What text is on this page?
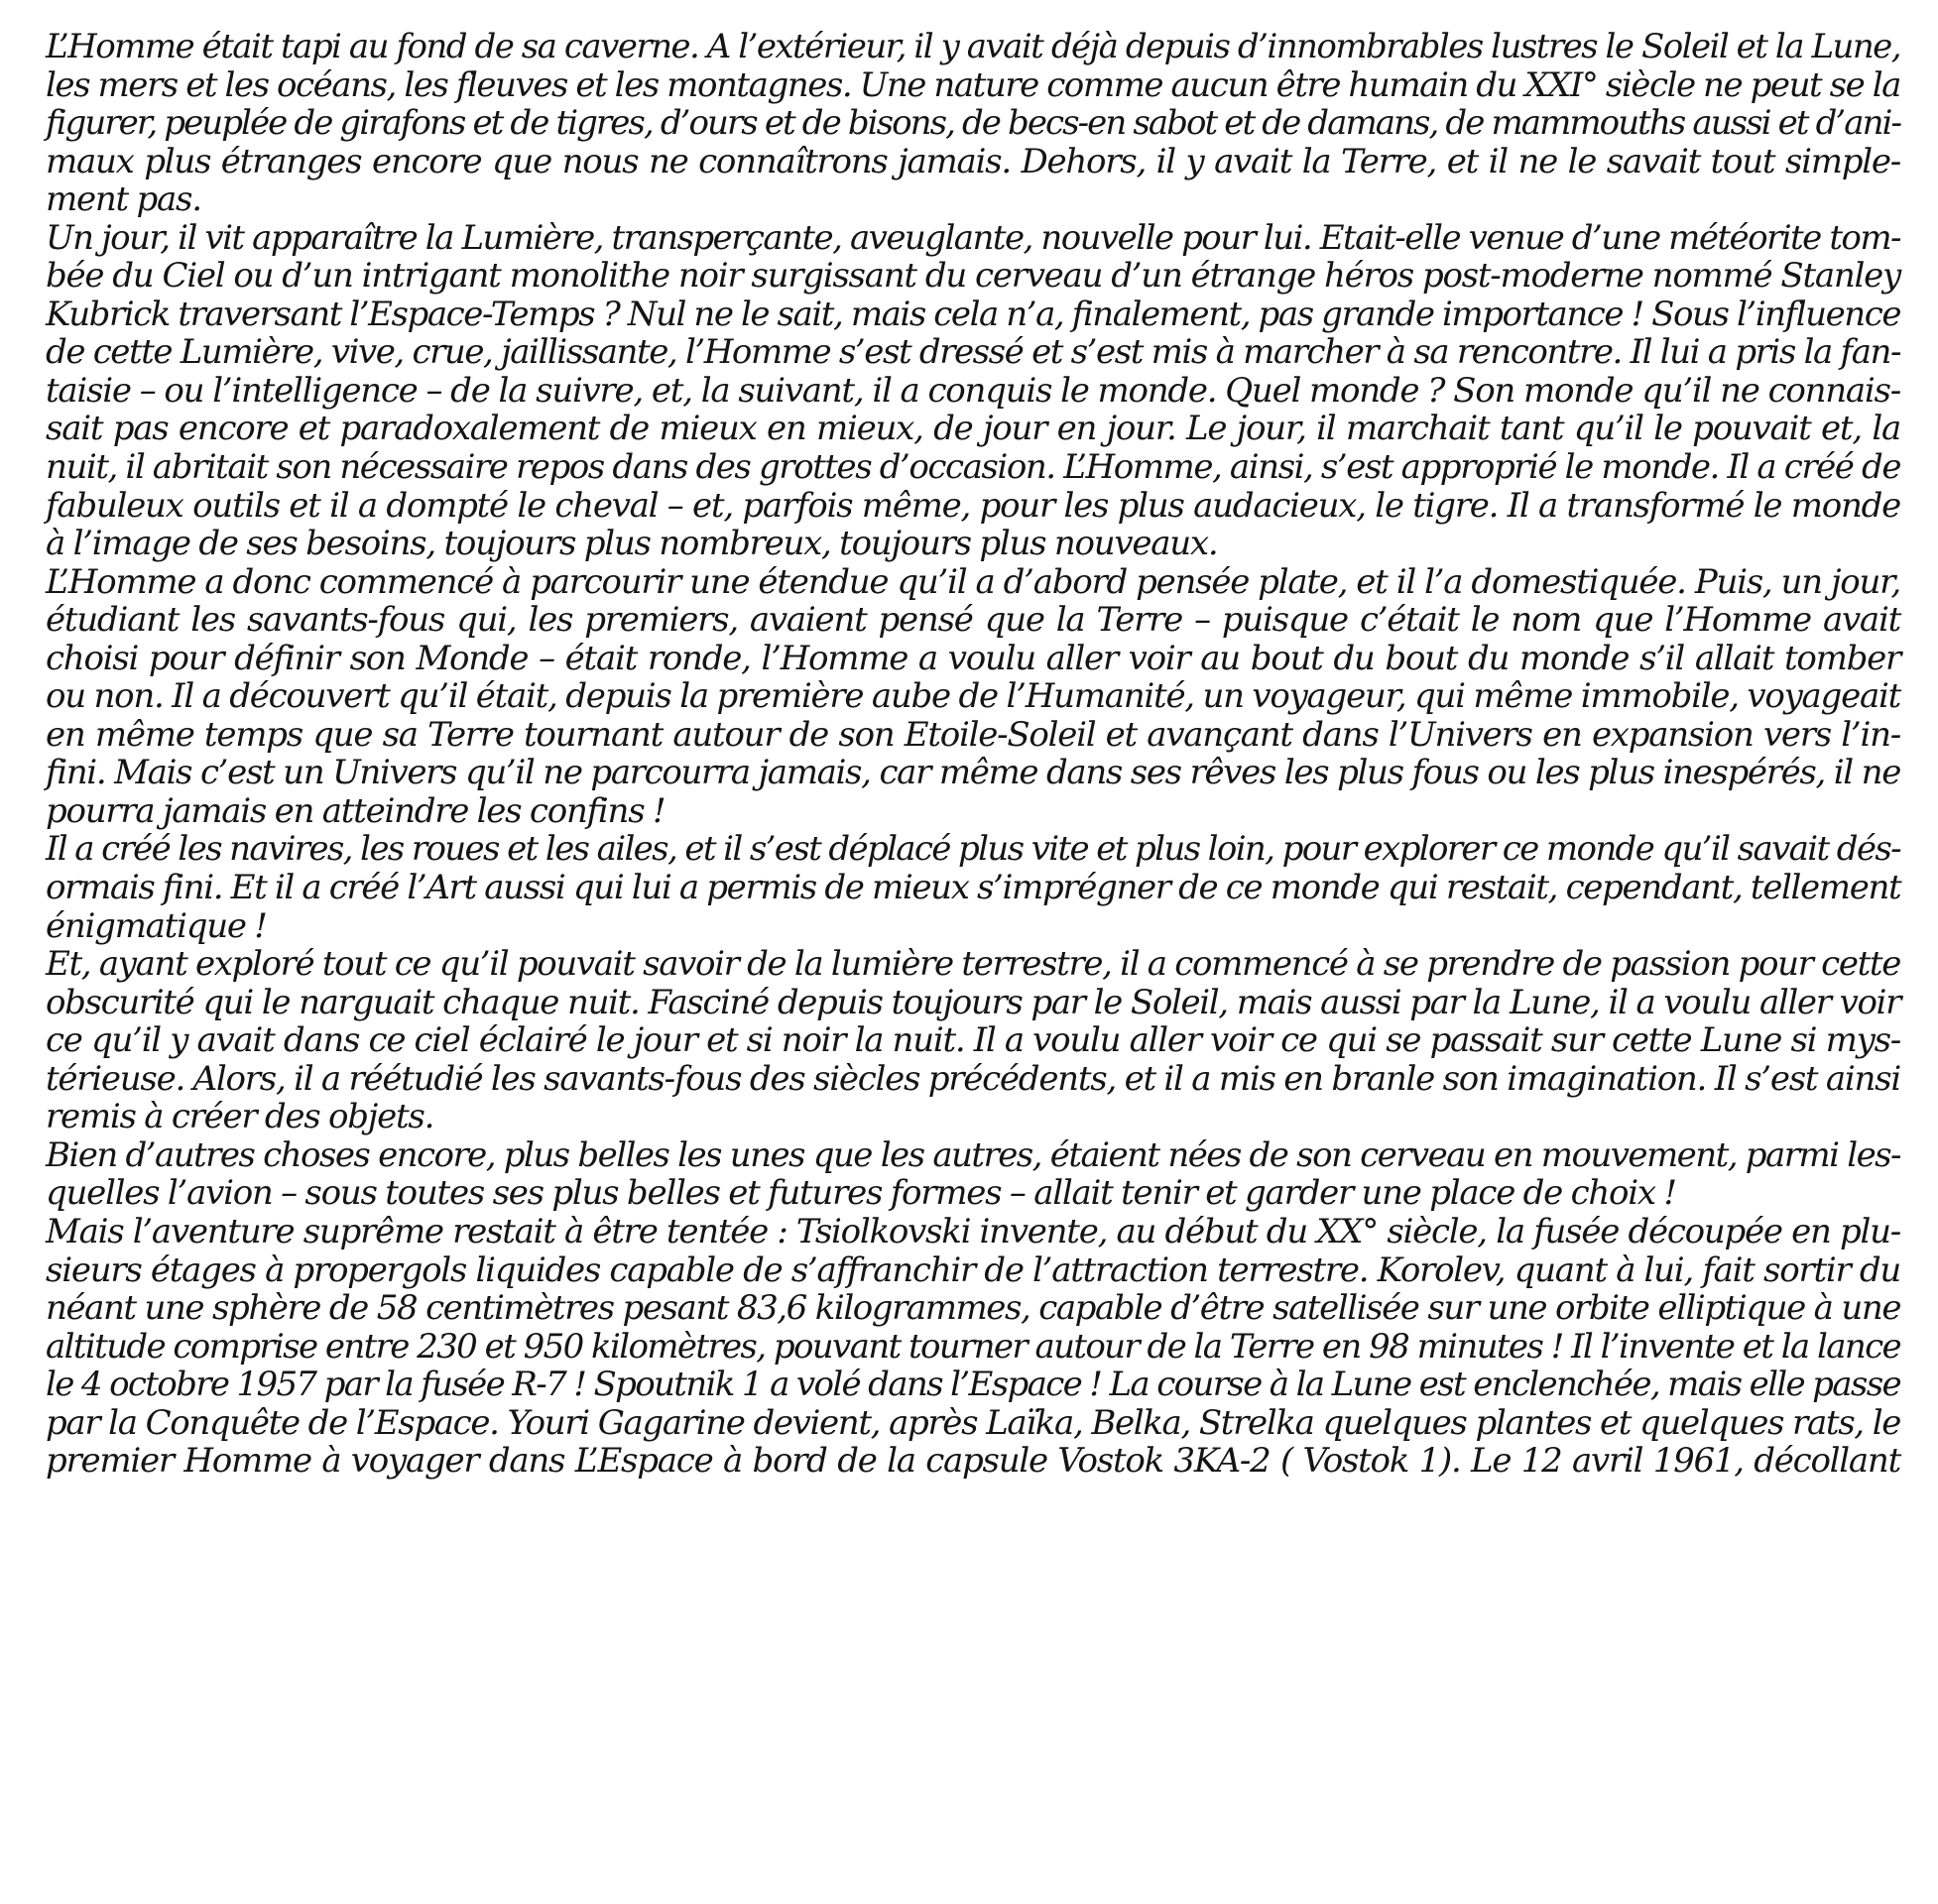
L’Homme était tapi au fond de sa caverne. A l’extérieur, il y avait déjà depuis d’innombrables lustres le Soleil et la Lune,
les mers et les océans, les fleuves et les montagnes. Une nature comme aucun être humain du XXI° siècle ne peut se la
figurer, peuplée de girafons et de tigres, d’ours et de bisons, de becs-en sabot et de damans, de mammouths aussi et d’ani-
maux plus étranges encore que nous ne connaîtrons jamais. Dehors, il y avait la Terre, et il ne le savait tout simple-
ment pas.
Un jour, il vit apparaître la Lumière, transperçante, aveuglante, nouvelle pour lui. Etait-elle venue d’une météorite tom-
bée du Ciel ou d’un intrigant monolithe noir surgissant du cerveau d’un étrange héros post-moderne nommé Stanley
Kubrick traversant l’Espace-Temps ? Nul ne le sait, mais cela n’a, finalement, pas grande importance ! Sous l’influence
de cette Lumière, vive, crue, jaillissante, l’Homme s’est dressé et s’est mis à marcher à sa rencontre. Il lui a pris la fan-
taisie – ou l’intelligence – de la suivre, et, la suivant, il a conquis le monde. Quel monde ? Son monde qu’il ne connais-
sait pas encore et paradoxalement de mieux en mieux, de jour en jour. Le jour, il marchait tant qu’il le pouvait et, la
nuit, il abritait son nécessaire repos dans des grottes d’occasion. L’Homme, ainsi, s’est approprié le monde. Il a créé de
fabuleux outils et il a dompté le cheval – et, parfois même, pour les plus audacieux, le tigre. Il a transformé le monde
à l’image de ses besoins, toujours plus nombreux, toujours plus nouveaux.
L’Homme a donc commencé à parcourir une étendue qu’il a d’abord pensée plate, et il l’a domestiquée. Puis, un jour,
étudiant les savants-fous qui, les premiers, avaient pensé que la Terre – puisque c’était le nom que l’Homme avait
choisi pour définir son Monde – était ronde, l’Homme a voulu aller voir au bout du bout du monde s’il allait tomber
ou non. Il a découvert qu’il était, depuis la première aube de l’Humanité, un voyageur, qui même immobile, voyageait
en même temps que sa Terre tournant autour de son Etoile-Soleil et avançant dans l’Univers en expansion vers l’in-
fini. Mais c’est un Univers qu’il ne parcourra jamais, car même dans ses rêves les plus fous ou les plus inespérés, il ne
pourra jamais en atteindre les confins !
Il a créé les navires, les roues et les ailes, et il s’est déplacé plus vite et plus loin, pour explorer ce monde qu’il savait dés-
ormais fini. Et il a créé l’Art aussi qui lui a permis de mieux s’imprégner de ce monde qui restait, cependant, tellement
énigmatique !
Et, ayant exploré tout ce qu’il pouvait savoir de la lumière terrestre, il a commencé à se prendre de passion pour cette
obscurité qui le narguait chaque nuit. Fasciné depuis toujours par le Soleil, mais aussi par la Lune, il a voulu aller voir
ce qu’il y avait dans ce ciel éclairé le jour et si noir la nuit. Il a voulu aller voir ce qui se passait sur cette Lune si mys-
térieuse. Alors, il a réétudié les savants-fous des siècles précédents, et il a mis en branle son imagination. Il s’est ainsi
remis à créer des objets.
Bien d’autres choses encore, plus belles les unes que les autres, étaient nées de son cerveau en mouvement, parmi les-
quelles l’avion – sous toutes ses plus belles et futures formes – allait tenir et garder une place de choix !
Mais l’aventure suprême restait à être tentée : Tsiolkovski invente, au début du XX° siècle, la fusée découpée en plu-
sieurs étages à propergols liquides capable de s’affranchir de l’attraction terrestre. Korolev, quant à lui, fait sortir du
néant une sphère de 58 centimètres pesant 83,6 kilogrammes, capable d’être satellisée sur une orbite elliptique à une
altitude comprise entre 230 et 950 kilomètres, pouvant tourner autour de la Terre en 98 minutes ! Il l’invente et la lance
le 4 octobre 1957 par la fusée R-7 ! Spoutnik 1 a volé dans l’Espace ! La course à la Lune est enclenchée, mais elle passe
par la Conquête de l’Espace. Youri Gagarine devient, après Laïka, Belka, Strelka quelques plantes et quelques rats, le
premier Homme à voyager dans L’Espace à bord de la capsule Vostok 3KA-2 ( Vostok 1). Le 12 avril 1961, décollant
